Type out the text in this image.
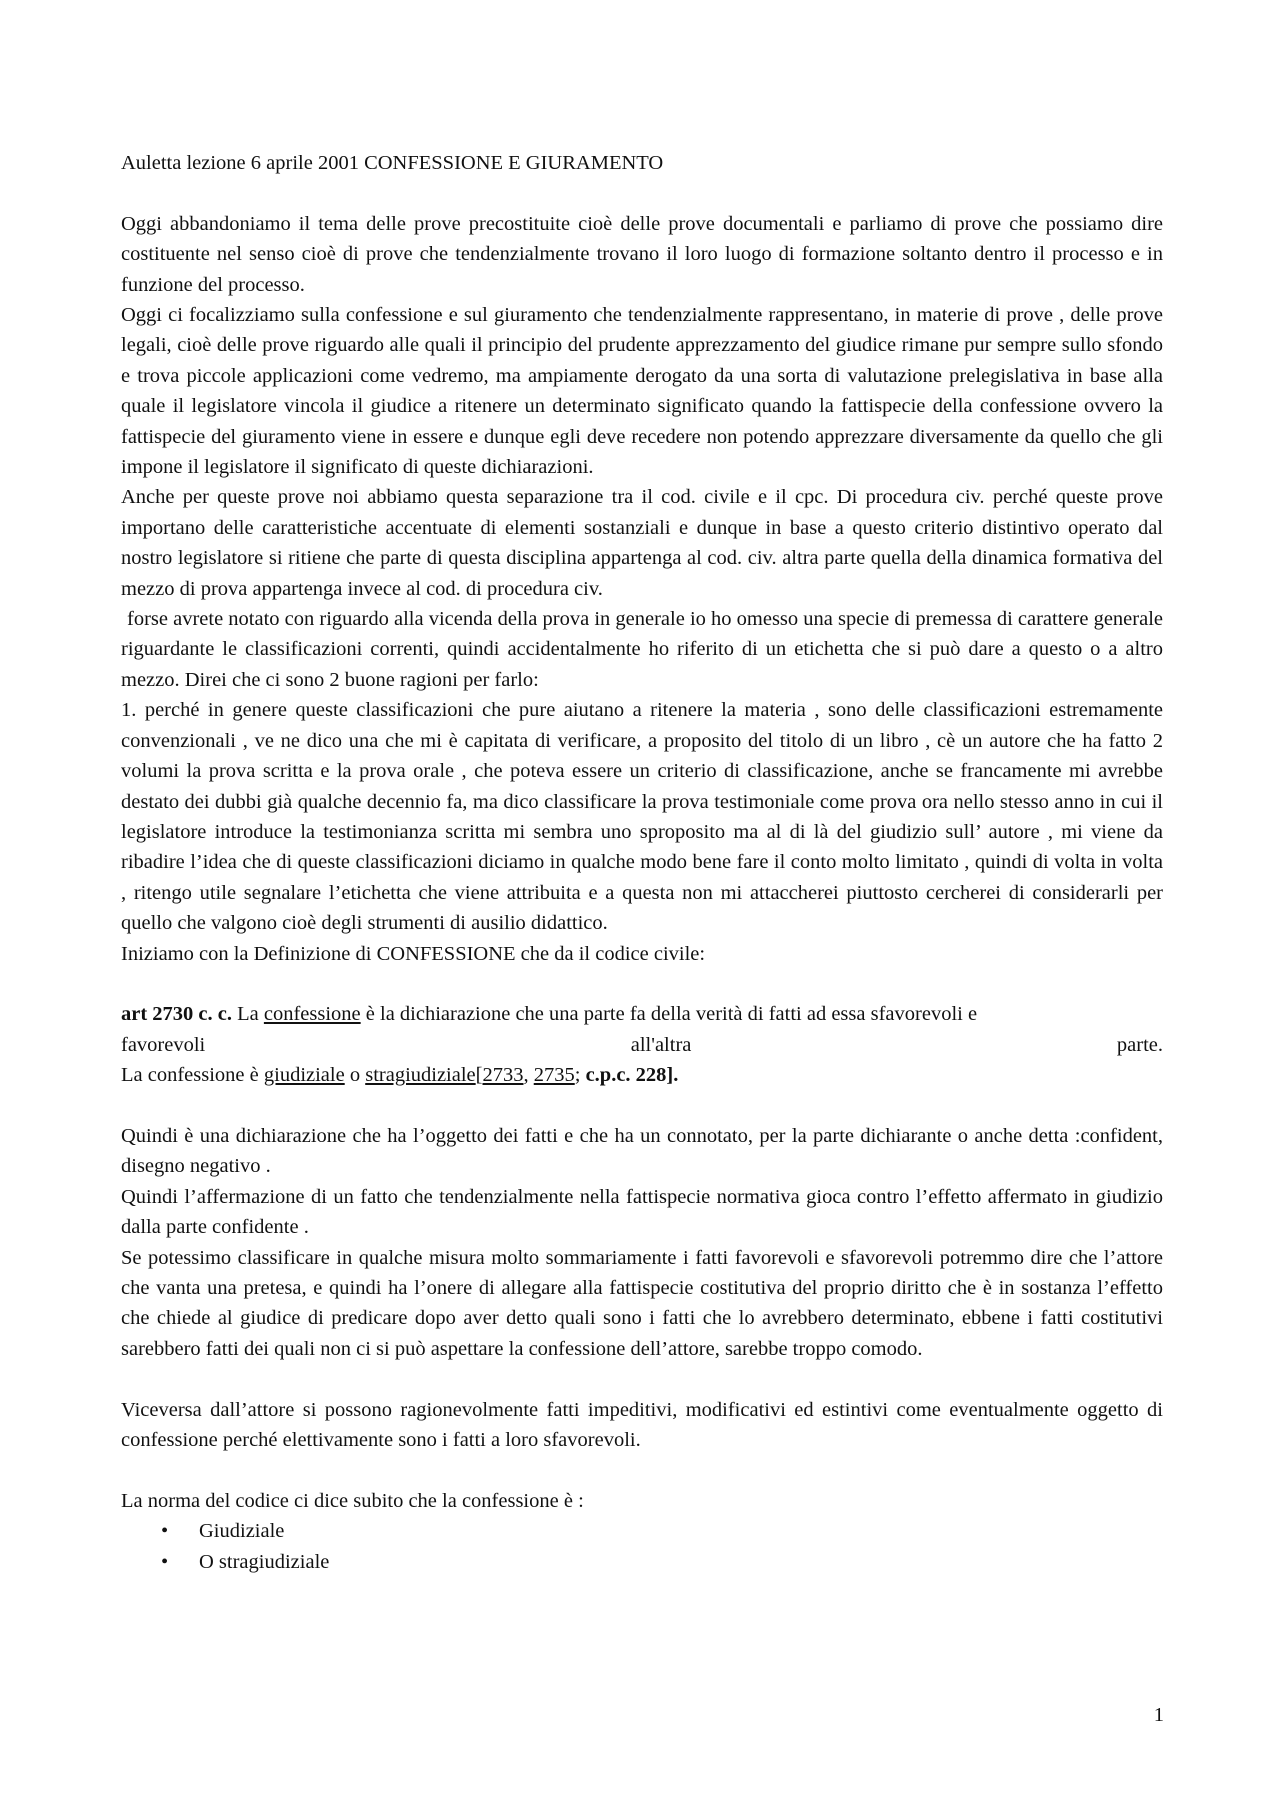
Auletta lezione 6 aprile 2001 CONFESSIONE E GIURAMENTO

Oggi abbandoniamo il tema delle prove precostituite cioè delle prove documentali e parliamo di prove che possiamo dire costituente nel senso cioè di prove che tendenzialmente trovano il loro luogo di formazione soltanto dentro il processo e in funzione del processo.

Oggi ci focalizziamo sulla confessione e sul giuramento che tendenzialmente rappresentano, in materie di prove , delle prove legali, cioè delle prove riguardo alle quali il principio del prudente apprezzamento del giudice rimane pur sempre sullo sfondo e trova piccole applicazioni come vedremo, ma ampiamente derogato da una sorta di valutazione prelegislativa in base alla quale il legislatore vincola il giudice a ritenere un determinato significato quando la fattispecie della confessione ovvero la fattispecie del giuramento viene in essere e dunque egli deve recedere non potendo apprezzare diversamente da quello che gli impone il legislatore il significato di queste dichiarazioni.

Anche per queste prove noi abbiamo questa separazione tra il cod. civile e il cpc. Di procedura civ. perché queste prove importano delle caratteristiche accentuate di elementi sostanziali e dunque in base a questo criterio distintivo operato dal nostro legislatore si ritiene che parte di questa disciplina appartenga al cod. civ. altra parte quella della dinamica formativa del mezzo di prova appartenga invece al cod. di procedura civ.

forse avrete notato con riguardo alla vicenda della prova in generale io ho omesso una specie di premessa di carattere generale riguardante le classificazioni correnti, quindi accidentalmente ho riferito di un etichetta che si può dare a questo o a altro mezzo. Direi che ci sono 2 buone ragioni per farlo:

1. perché in genere queste classificazioni che pure aiutano a ritenere la materia , sono delle classificazioni estremamente convenzionali , ve ne dico una che mi è capitata di verificare, a proposito del titolo di un libro , cè un autore che ha fatto 2 volumi la prova scritta e la prova orale , che poteva essere un criterio di classificazione, anche se francamente mi avrebbe destato dei dubbi già qualche decennio fa, ma dico classificare la prova testimoniale come prova ora nello stesso anno in cui il legislatore introduce la testimonianza scritta mi sembra uno sproposito ma al di là del giudizio sull’ autore , mi viene da ribadire l’idea che di queste classificazioni diciamo in qualche modo bene fare il conto molto limitato , quindi di volta in volta , ritengo utile segnalare l’etichetta che viene attribuita e a questa non mi attaccherei piuttosto cercherei di considerarli per quello che valgono cioè degli strumenti di ausilio didattico.

Iniziamo con la Definizione di CONFESSIONE che da il codice civile:

art 2730 c. c. La confessione è la dichiarazione che una parte fa della verità di fatti ad essa sfavorevoli e

favorevoli	all'altra	parte.

La confessione è giudiziale o stragiudiziale[2733, 2735; c.p.c. 228].

Quindi è una dichiarazione che ha l’oggetto dei fatti e che ha un connotato, per la parte dichiarante o anche detta :confident, disegno negativo .

Quindi l’affermazione di un fatto che tendenzialmente nella fattispecie normativa gioca contro l’effetto affermato in giudizio dalla parte confidente .

Se potessimo classificare in qualche misura molto sommariamente i fatti favorevoli e sfavorevoli potremmo dire che l’attore che vanta una pretesa, e quindi ha l’onere di allegare alla fattispecie costitutiva del proprio diritto che è in sostanza l’effetto che chiede al giudice di predicare dopo aver detto quali sono i fatti che lo avrebbero determinato, ebbene i fatti costitutivi sarebbero fatti dei quali non ci si può aspettare la confessione dell’attore, sarebbe troppo comodo.

Viceversa dall’attore si possono ragionevolmente fatti impeditivi, modificativi ed estintivi come eventualmente oggetto di confessione perché elettivamente sono i fatti a loro sfavorevoli.

La norma del codice ci dice subito che la confessione è :

• Giudiziale
• O stragiudiziale
1
